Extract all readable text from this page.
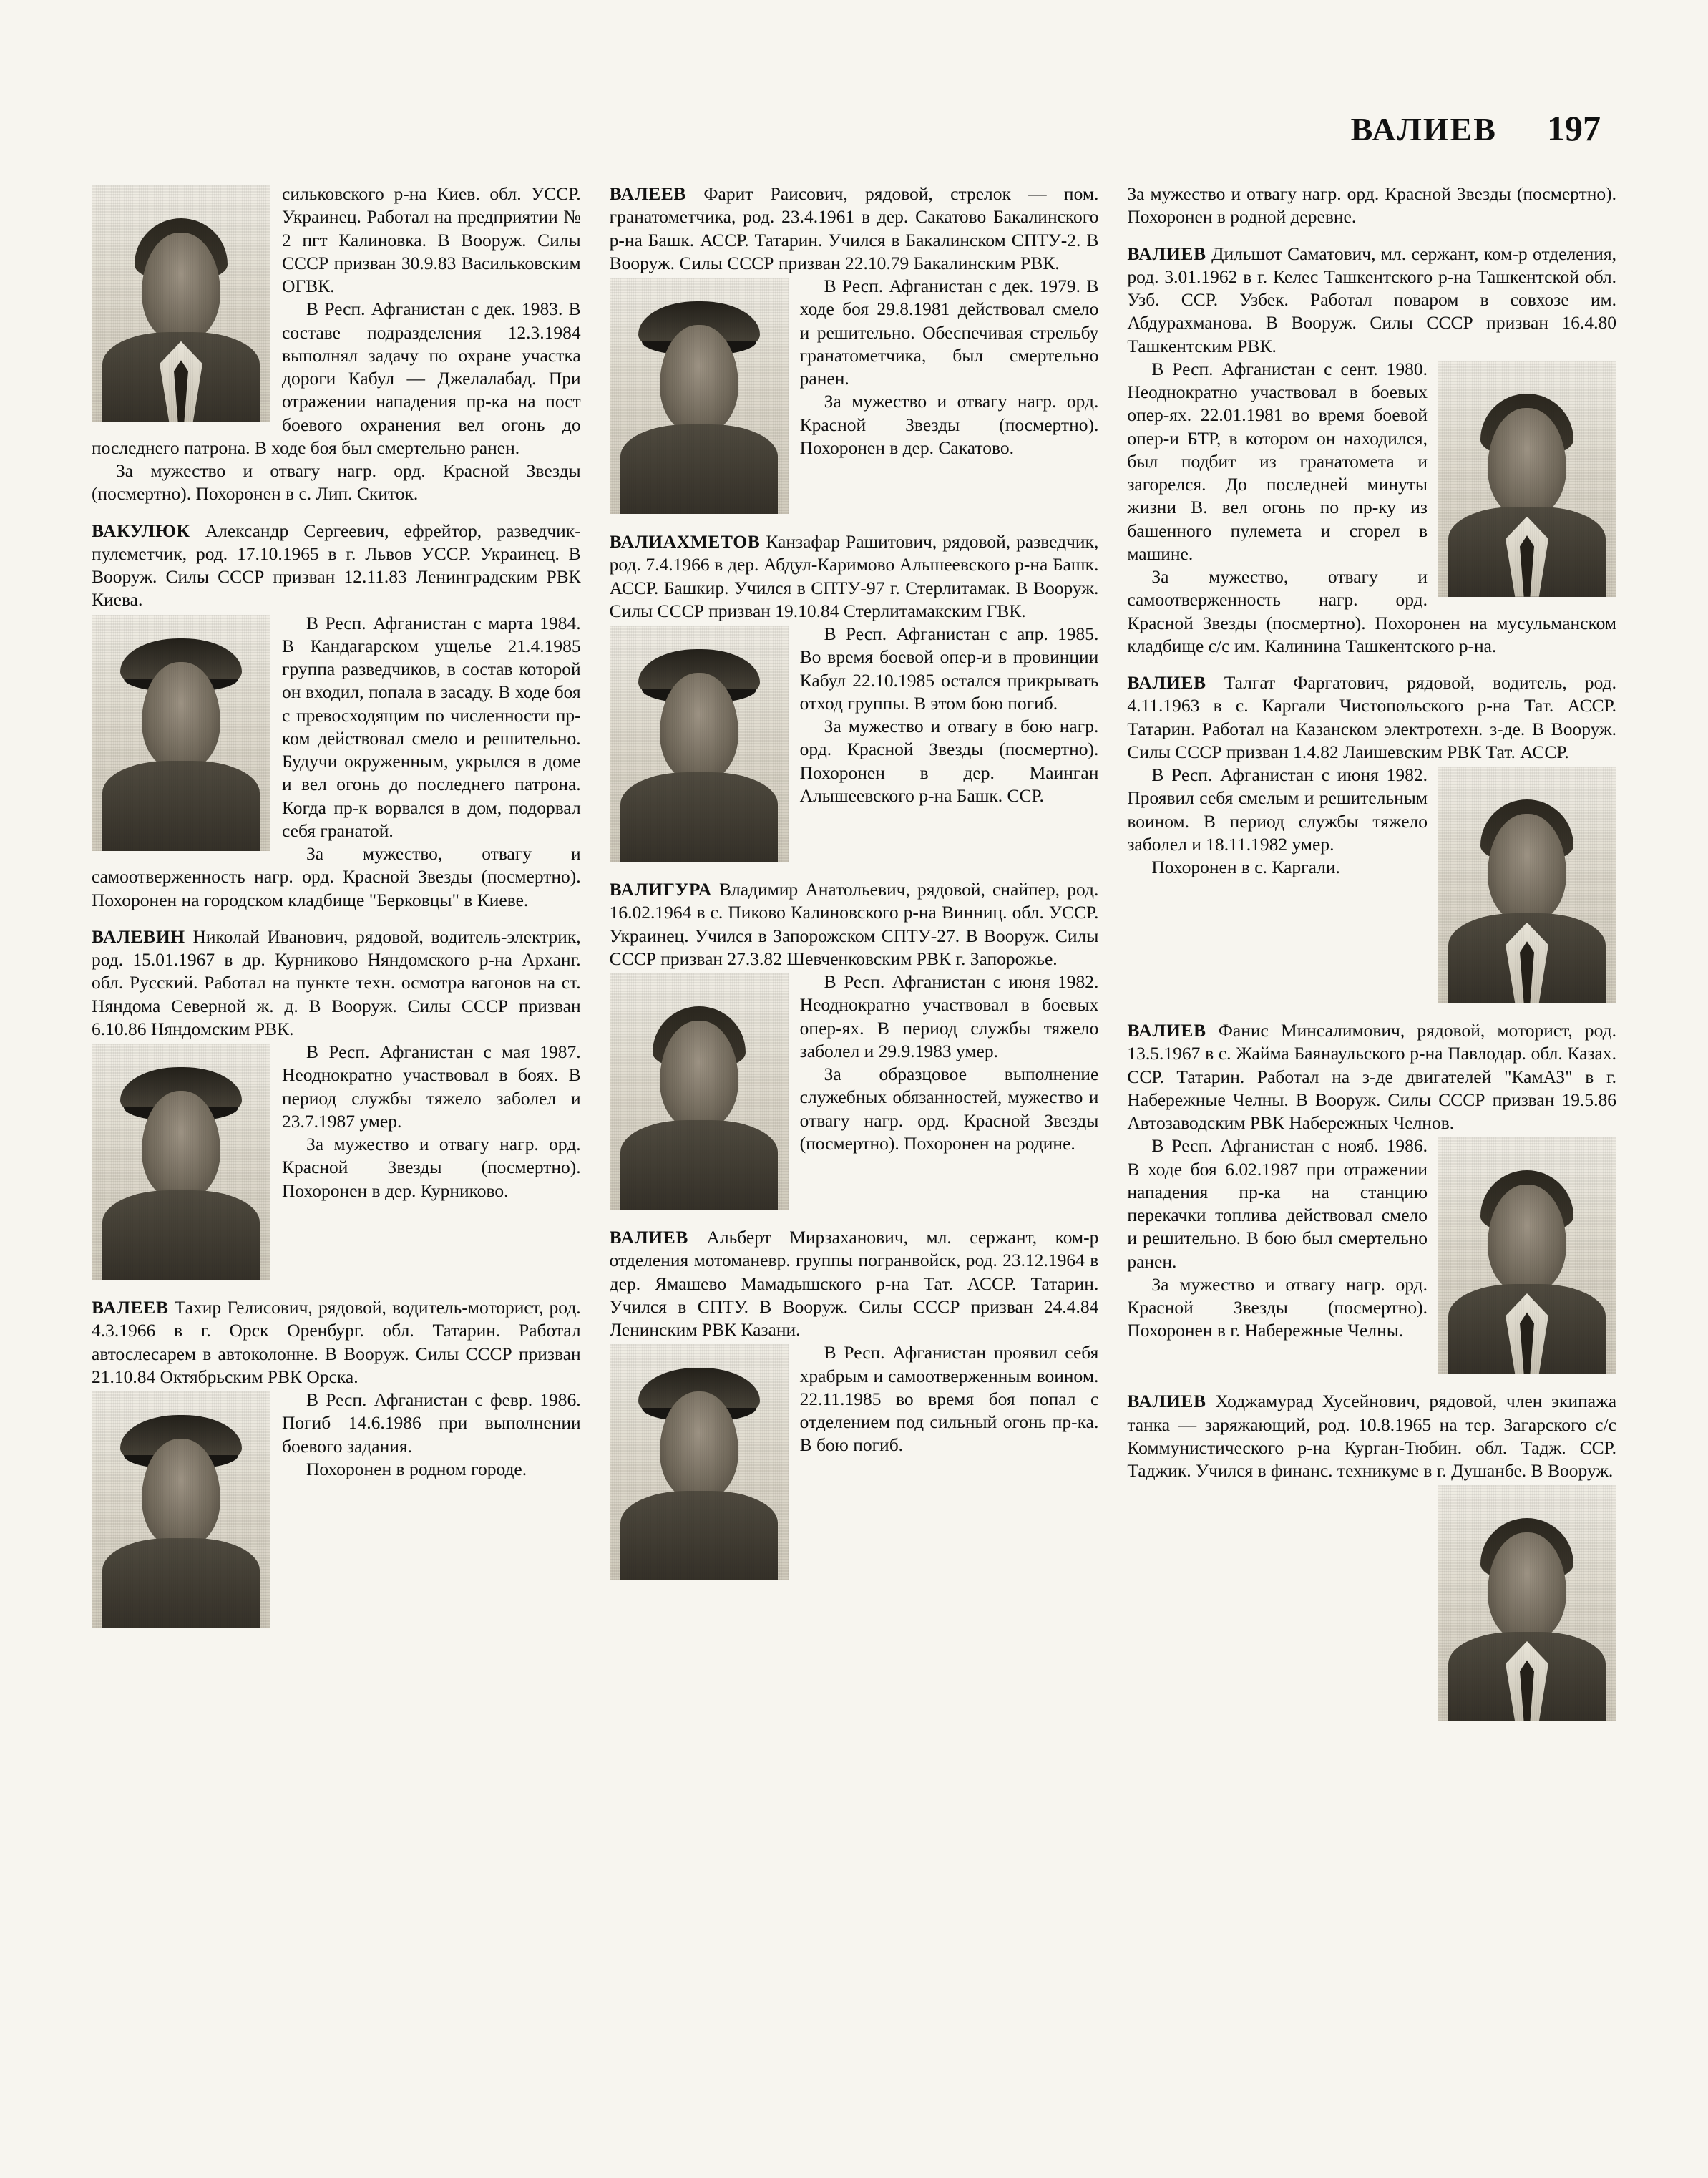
ВАЛИЕВ 197

сильковского р-на Киев. обл. УССР. Украинец. Работал на предприятии № 2 пгт Калиновка. В Вооруж. Силы СССР призван 30.9.83 Васильковским ОГВК.

В Респ. Афганистан с дек. 1983. В составе подразделения 12.3.1984 выполнял задачу по охране участка дороги Кабул — Джелалабад. При отражении нападения пр-ка на пост боевого охранения вел огонь до последнего патрона. В ходе боя был смертельно ранен.

За мужество и отвагу нагр. орд. Красной Звезды (посмертно). Похоронен в с. Лип. Скиток.

ВАКУЛЮК Александр Сергеевич, ефрейтор, разведчик-пулеметчик, род. 17.10.1965 в г. Львов УССР. Украинец. В Вооруж. Силы СССР призван 12.11.83 Ленинградским РВК Киева.

В Респ. Афганистан с марта 1984. В Кандагарском ущелье 21.4.1985 группа разведчиков, в состав которой он входил, попала в засаду. В ходе боя с превосходящим по численности пр-ком действовал смело и решительно. Будучи окруженным, укрылся в доме и вел огонь до последнего патрона. Когда пр-к ворвался в дом, подорвал себя гранатой.

За мужество, отвагу и самоотверженность нагр. орд. Красной Звезды (посмертно). Похоронен на городском кладбище "Берковцы" в Киеве.

ВАЛЕВИН Николай Иванович, рядовой, водитель-электрик, род. 15.01.1967 в др. Курниково Няндомского р-на Арханг. обл. Русский. Работал на пункте техн. осмотра вагонов на ст. Няндома Северной ж. д. В Вооруж. Силы СССР призван 6.10.86 Няндомским РВК.

В Респ. Афганистан с мая 1987. Неоднократно участвовал в боях. В период службы тяжело заболел и 23.7.1987 умер.

За мужество и отвагу нагр. орд. Красной Звезды (посмертно). Похоронен в дер. Курниково.

ВАЛЕЕВ Тахир Гелисович, рядовой, водитель-моторист, род. 4.3.1966 в г. Орск Оренбург. обл. Татарин. Работал автослесарем в автоколонне. В Вооруж. Силы СССР призван 21.10.84 Октябрьским РВК Орска.

В Респ. Афганистан с февр. 1986. Погиб 14.6.1986 при выполнении боевого задания.

Похоронен в родном городе.

ВАЛЕЕВ Фарит Раисович, рядовой, стрелок — пом. гранатометчика, род. 23.4.1961 в дер. Сакатово Бакалинского р-на Башк. АССР. Татарин. Учился в Бакалинском СПТУ-2. В Вооруж. Силы СССР призван 22.10.79 Бакалинским РВК.

В Респ. Афганистан с дек. 1979. В ходе боя 29.8.1981 действовал смело и решительно. Обеспечивая стрельбу гранатометчика, был смертельно ранен.

За мужество и отвагу нагр. орд. Красной Звезды (посмертно). Похоронен в дер. Сакатово.

ВАЛИАХМЕТОВ Канзафар Рашитович, рядовой, разведчик, род. 7.4.1966 в дер. Абдул-Каримово Альшеевского р-на Башк. АССР. Башкир. Учился в СПТУ-97 г. Стерлитамак. В Вооруж. Силы СССР призван 19.10.84 Стерлитамакским ГВК.

В Респ. Афганистан с апр. 1985. Во время боевой опер-и в провинции Кабул 22.10.1985 остался прикрывать отход группы. В этом бою погиб.

За мужество и отвагу в бою нагр. орд. Красной Звезды (посмертно). Похоронен в дер. Маинган Алышеевского р-на Башк. ССР.

ВАЛИГУРА Владимир Анатольевич, рядовой, снайпер, род. 16.02.1964 в с. Пиково Калиновского р-на Винниц. обл. УССР. Украинец. Учился в Запорожском СПТУ-27. В Вооруж. Силы СССР призван 27.3.82 Шевченковским РВК г. Запорожье.

В Респ. Афганистан с июня 1982. Неоднократно участвовал в боевых опер-ях. В период службы тяжело заболел и 29.9.1983 умер.

За образцовое выполнение служебных обязанностей, мужество и отвагу нагр. орд. Красной Звезды (посмертно). Похоронен на родине.

ВАЛИЕВ Альберт Мирзаханович, мл. сержант, ком-р отделения мотоманевр. группы погранвойск, род. 23.12.1964 в дер. Ямашево Мамадышского р-на Тат. АССР. Татарин. Учился в СПТУ. В Вооруж. Силы СССР призван 24.4.84 Ленинским РВК Казани.

В Респ. Афганистан проявил себя храбрым и самоотверженным воином. 22.11.1985 во время боя попал с отделением под сильный огонь пр-ка. В бою погиб.

За мужество и отвагу нагр. орд. Красной Звезды (посмертно). Похоронен в родной деревне.

ВАЛИЕВ Дильшот Саматович, мл. сержант, ком-р отделения, род. 3.01.1962 в г. Келес Ташкентского р-на Ташкентской обл. Узб. ССР. Узбек. Работал поваром в совхозе им. Абдурахманова. В Вооруж. Силы СССР призван 16.4.80 Ташкентским РВК.

В Респ. Афганистан с сент. 1980. Неоднократно участвовал в боевых опер-ях. 22.01.1981 во время боевой опер-и БТР, в котором он находился, был подбит из гранатомета и загорелся. До последней минуты жизни В. вел огонь по пр-ку из башенного пулемета и сгорел в машине.

За мужество, отвагу и самоотверженность нагр. орд. Красной Звезды (посмертно). Похоронен на мусульманском кладбище с/с им. Калинина Ташкентского р-на.

ВАЛИЕВ Талгат Фаргатович, рядовой, водитель, род. 4.11.1963 в с. Каргали Чистопольского р-на Тат. АССР. Татарин. Работал на Казанском электротехн. з-де. В Вооруж. Силы СССР призван 1.4.82 Лаишевским РВК Тат. АССР.

В Респ. Афганистан с июня 1982. Проявил себя смелым и решительным воином. В период службы тяжело заболел и 18.11.1982 умер.

Похоронен в с. Каргали.

ВАЛИЕВ Фанис Минсалимович, рядовой, моторист, род. 13.5.1967 в с. Жайма Баянаульского р-на Павлодар. обл. Казах. ССР. Татарин. Работал на з-де двигателей "КамАЗ" в г. Набережные Челны. В Вооруж. Силы СССР призван 19.5.86 Автозаводским РВК Набережных Челнов.

В Респ. Афганистан с нояб. 1986. В ходе боя 6.02.1987 при отражении нападения пр-ка на станцию перекачки топлива действовал смело и решительно. В бою был смертельно ранен.

За мужество и отвагу нагр. орд. Красной Звезды (посмертно). Похоронен в г. Набережные Челны.

ВАЛИЕВ Ходжамурад Хусейнович, рядовой, член экипажа танка — заряжающий, род. 10.8.1965 на тер. Загарского с/с Коммунистического р-на Курган-Тюбин. обл. Тадж. ССР. Таджик. Учился в финанс. техникуме в г. Душанбе. В Вооруж.
